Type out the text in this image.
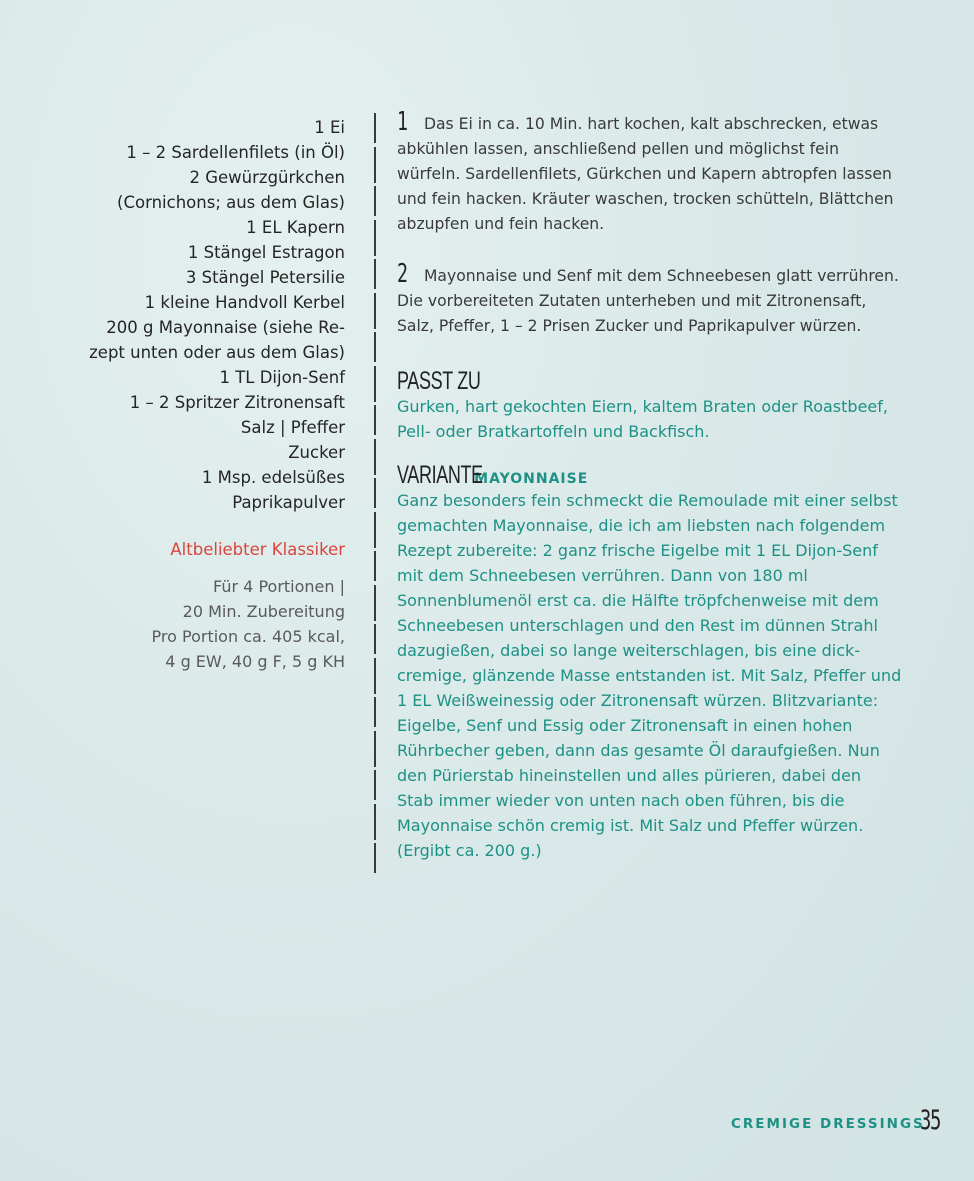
1 Ei
1 – 2 Sardellenfilets (in Öl)
2 Gewürzgürkchen
(Cornichons; aus dem Glas)
1 EL Kapern
1 Stängel Estragon
3 Stängel Petersilie
1 kleine Handvoll Kerbel
200 g Mayonnaise (siehe Re-
zept unten oder aus dem Glas)
1 TL Dijon-Senf
1 – 2 Spritzer Zitronensaft
Salz | Pfeffer
Zucker
1 Msp. edelsüßes
Paprikapulver
Altbeliebter Klassiker
Für 4 Portionen |
20 Min. Zubereitung
Pro Portion ca. 405 kcal,
4 g EW, 40 g F, 5 g KH

1 Das Ei in ca. 10 Min. hart kochen, kalt abschrecken, etwas abkühlen lassen, anschließend pellen und möglichst fein würfeln. Sardellenfilets, Gürkchen und Kapern abtropfen lassen und fein hacken. Kräuter waschen, trocken schütteln, Blättchen abzupfen und fein hacken.

2 Mayonnaise und Senf mit dem Schneebesen glatt verrühren. Die vorbereiteten Zutaten unterheben und mit Zitronensaft, Salz, Pfeffer, 1 – 2 Prisen Zucker und Paprikapulver würzen.

PASST ZU
Gurken, hart gekochten Eiern, kaltem Braten oder Roastbeef, Pell- oder Bratkartoffeln und Backfisch.
VARIANTEMAYONNAISE
Ganz besonders fein schmeckt die Remoulade mit einer selbst gemachten Mayonnaise, die ich am liebsten nach folgendem Rezept zubereite: 2 ganz frische Eigelbe mit 1 EL Dijon-Senf mit dem Schneebesen verrühren. Dann von 180 ml Sonnenblumenöl erst ca. die Hälfte tröpfchenweise mit dem Schneebesen unterschlagen und den Rest im dünnen Strahl dazugießen, dabei so lange weiterschlagen, bis eine dick-cremige, glänzende Masse entstanden ist. Mit Salz, Pfeffer und 1 EL Weißweinessig oder Zitronensaft würzen. Blitzvariante: Eigelbe, Senf und Essig oder Zitronensaft in einen hohen Rührbecher geben, dann das gesamte Öl daraufgießen. Nun den Pürierstab hineinstellen und alles pürieren, dabei den Stab immer wieder von unten nach oben führen, bis die Mayonnaise schön cremig ist. Mit Salz und Pfeffer würzen. (Ergibt ca. 200 g.)
CREMIGE DRESSINGS
35
